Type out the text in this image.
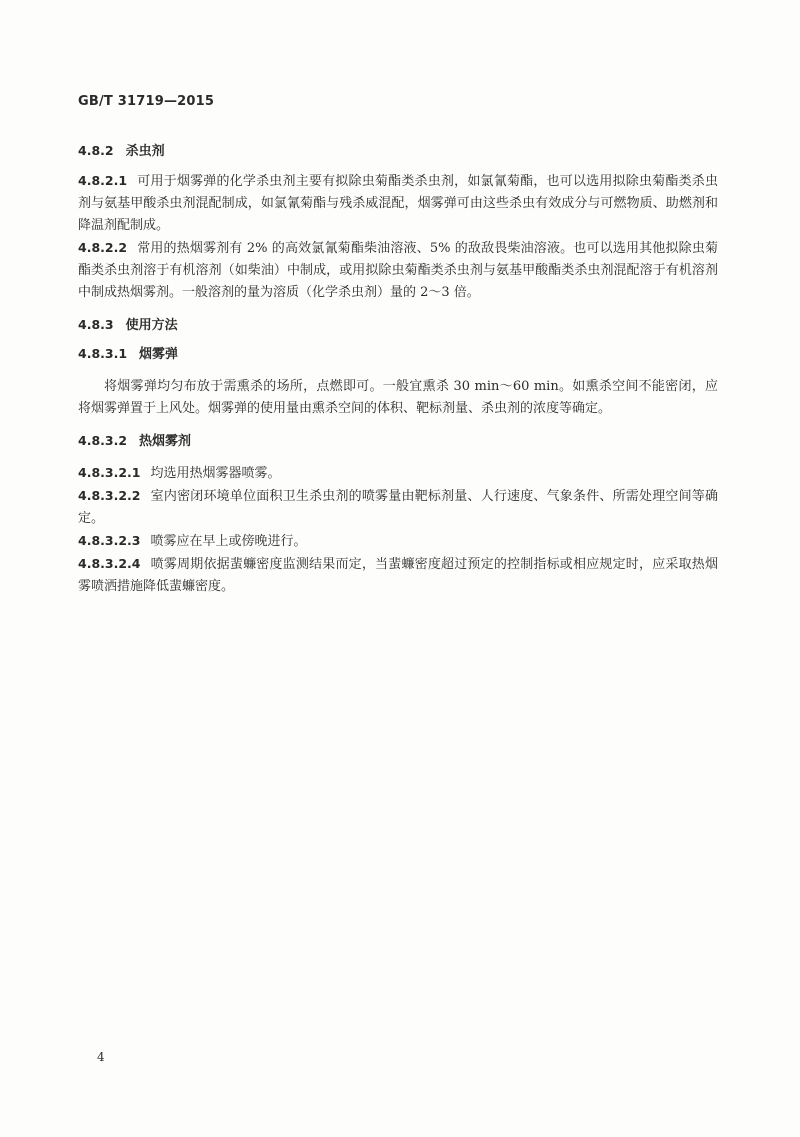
GB/T 31719—2015

4.8.2 杀虫剂

4.8.2.1 可用于烟雾弹的化学杀虫剂主要有拟除虫菊酯类杀虫剂，如氯氰菊酯，也可以选用拟除虫菊酯类杀虫剂与氨基甲酸杀虫剂混配制成，如氯氰菊酯与残杀威混配，烟雾弹可由这些杀虫有效成分与可燃物质、助燃剂和降温剂配制成。

4.8.2.2 常用的热烟雾剂有 2% 的高效氯氰菊酯柴油溶液、5% 的敌敌畏柴油溶液。也可以选用其他拟除虫菊酯类杀虫剂溶于有机溶剂（如柴油）中制成，或用拟除虫菊酯类杀虫剂与氨基甲酸酯类杀虫剂混配溶于有机溶剂中制成热烟雾剂。一般溶剂的量为溶质（化学杀虫剂）量的 2～3 倍。

4.8.3 使用方法

4.8.3.1 烟雾弹

将烟雾弹均匀布放于需熏杀的场所，点燃即可。一般宜熏杀 30 min～60 min。如熏杀空间不能密闭，应将烟雾弹置于上风处。烟雾弹的使用量由熏杀空间的体积、靶标剂量、杀虫剂的浓度等确定。

4.8.3.2 热烟雾剂

4.8.3.2.1 均选用热烟雾器喷雾。

4.8.3.2.2 室内密闭环境单位面积卫生杀虫剂的喷雾量由靶标剂量、人行速度、气象条件、所需处理空间等确定。

4.8.3.2.3 喷雾应在早上或傍晚进行。

4.8.3.2.4 喷雾周期依据蜚蠊密度监测结果而定，当蜚蠊密度超过预定的控制指标或相应规定时，应采取热烟雾喷洒措施降低蜚蠊密度。

4
